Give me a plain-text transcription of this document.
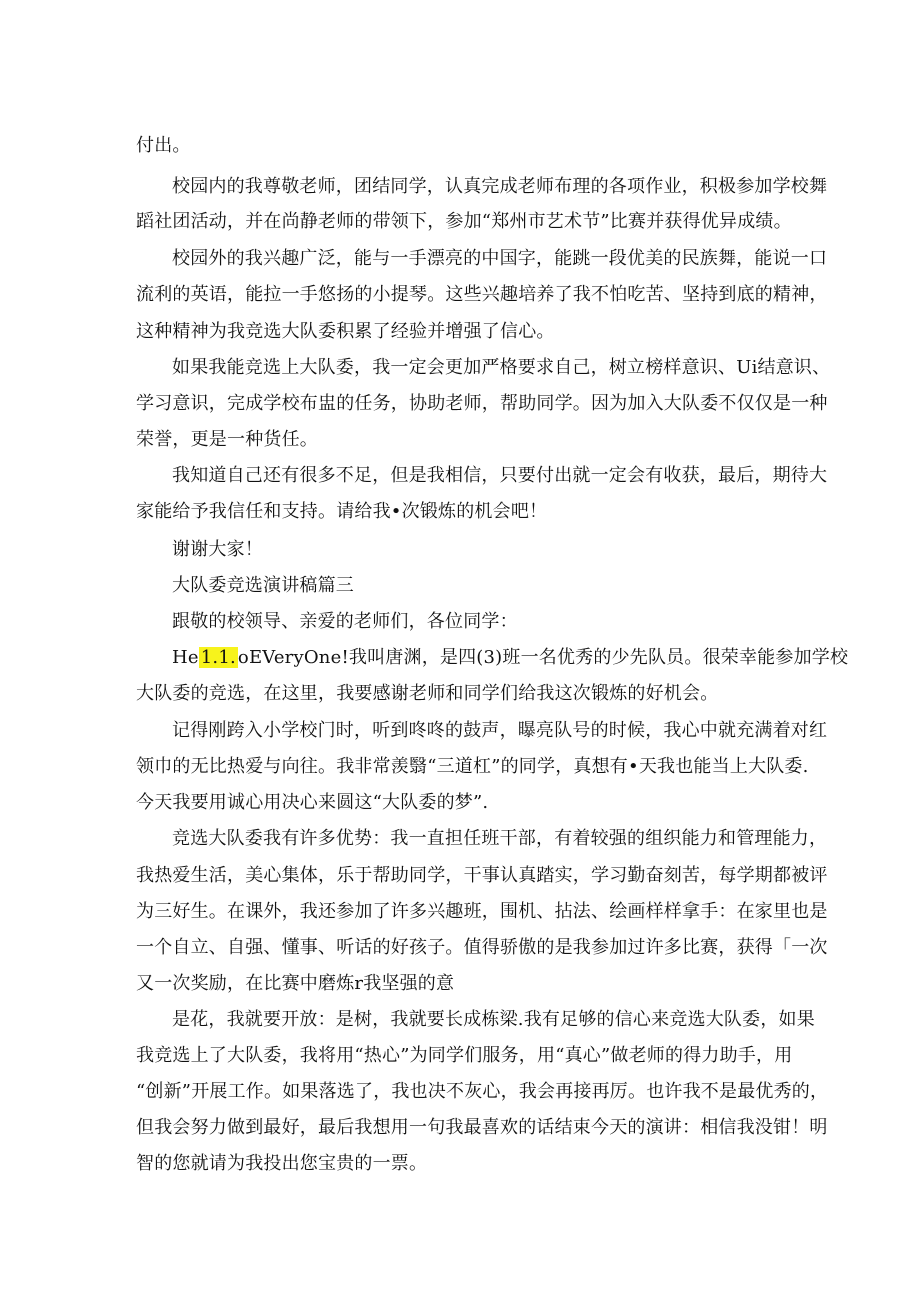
付出。
校园内的我尊敬老师，团结同学，认真完成老师布理的各项作业，积极参加学校舞
蹈社团活动，并在尚静老师的带领下，参加“郑州市艺术节”比赛并获得优异成绩。
校园外的我兴趣广泛，能与一手漂亮的中国字，能跳一段优美的民族舞，能说一口
流利的英语，能拉一手悠扬的小提琴。这些兴趣培养了我不怕吃苦、坚持到底的精神，
这种精神为我竞选大队委积累了经验并增强了信心。
如果我能竞选上大队委，我一定会更加严格要求自己，树立榜样意识、Ui结意识、
学习意识，完成学校布盅的任务，协助老师，帮助同学。因为加入大队委不仅仅是一种
荣誉，更是一种货任。
我知道自己还有很多不足，但是我相信，只要付出就一定会有收获，最后，期待大
家能给予我信任和支持。请给我•次锻炼的机会吧！
谢谢大家！
大队委竞选演讲稿篇三
跟敬的校领导、亲爱的老师们，各位同学：
He 1.1. oEVeryOne!我叫唐渊，是四(3)班一名优秀的少先队员。很荣幸能参加学校
大队委的竞选，在这里，我要感谢老师和同学们给我这次锻炼的好机会。
记得刚跨入小学校门时，听到咚咚的鼓声，曝亮队号的时候，我心中就充满着对红
领巾的无比热爱与向往。我非常羡翳“三道杠”的同学，真想有•天我也能当上大队委.
今天我要用诚心用决心来圆这“大队委的梦”.
竞选大队委我有许多优势：我一直担任班干部，有着较强的组织能力和管理能力，
我热爱生活，美心集体，乐于帮助同学，干事认真踏实，学习勤奋刻苦，每学期都被评
为三好生。在课外，我还参加了许多兴趣班，围机、拈法、绘画样样拿手：在家里也是
一个自立、自强、懂事、听话的好孩子。值得骄傲的是我参加过许多比赛，获得「一次
又一次奖励，在比赛中磨炼r我坚强的意
是花，我就要开放：是树，我就要长成栋梁.我有足够的信心来竞选大队委，如果
我竞选上了大队委，我将用“热心”为同学们服务，用“真心”做老师的得力助手，用
“创新”开展工作。如果落选了，我也决不灰心，我会再接再厉。也许我不是最优秀的，
但我会努力做到最好，最后我想用一句我最喜欢的话结束今天的演讲：相信我没钳！明
智的您就请为我投出您宝贵的一票。
